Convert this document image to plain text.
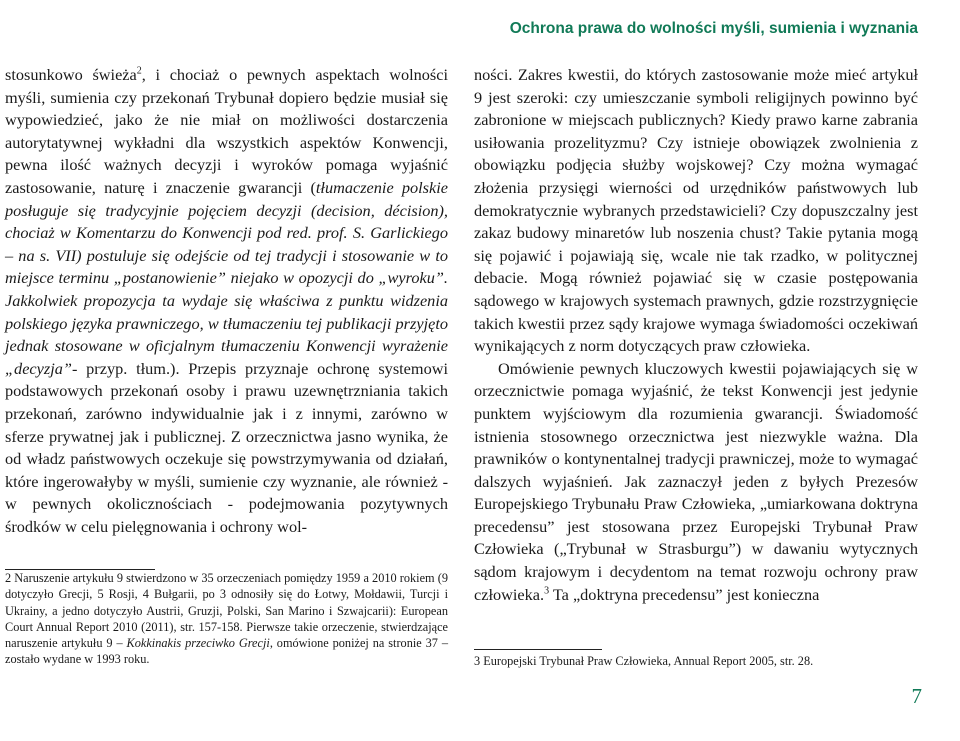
Ochrona prawa do wolności myśli, sumienia i wyznania

stosunkowo świeża$^2$, i chociaż o pewnych aspektach wolności myśli, sumienia czy przekonań Trybunał dopiero będzie musiał się wypowiedzieć, jako że nie miał on możliwości dostarczenia autorytatywnej wykładni dla wszystkich aspektów Konwencji, pewna ilość ważnych decyzji i wyroków pomaga wyjaśnić zastosowanie, naturę i znaczenie gwarancji (tłumaczenie polskie posługuje się tradycyjnie pojęciem decyzji (decision, décision), chociaż w Komentarzu do Konwencji pod red. prof. S. Garlickiego – na s. VII) postuluje się odejście od tej tradycji i stosowanie w to miejsce terminu „postanowienie” niejako w opozycji do „wyroku”. Jakkolwiek propozycja ta wydaje się właściwa z punktu widzenia polskiego języka prawniczego, w tłumaczeniu tej publikacji przyjęto jednak stosowane w oficjalnym tłumaczeniu Konwencji wyrażenie „decyzja”- przyp. tłum.). Przepis przyznaje ochronę systemowi podstawowych przekonań osoby i prawu uzewnętrzniania takich przekonań, zarówno indywidualnie jak i z innymi, zarówno w sferze prywatnej jak i publicznej. Z orzecznictwa jasno wynika, że od władz państwowych oczekuje się powstrzymywania od działań, które ingerowałyby w myśli, sumienie czy wyznanie, ale również - w pewnych okolicznościach - podejmowania pozytywnych środków w celu pielęgnowania i ochrony wol-

2 Naruszenie artykułu 9 stwierdzono w 35 orzeczeniach pomiędzy 1959 a 2010 rokiem (9 dotyczyło Grecji, 5 Rosji, 4 Bułgarii, po 3 odnosiły się do Łotwy, Mołdawii, Turcji i Ukrainy, a jedno dotyczyło Austrii, Gruzji, Polski, San Marino i Szwajcarii): European Court Annual Report 2010 (2011), str. 157-158. Pierwsze takie orzeczenie, stwierdzające naruszenie artykułu 9 – Kokkinakis przeciwko Grecji, omówione poniżej na stronie 37 – zostało wydane w 1993 roku.

ności. Zakres kwestii, do których zastosowanie może mieć artykuł 9 jest szeroki: czy umieszczanie symboli religijnych powinno być zabronione w miejscach publicznych? Kiedy prawo karne zabrania usiłowania prozelityzmu? Czy istnieje obowiązek zwolnienia z obowiązku podjęcia służby wojskowej? Czy można wymagać złożenia przysięgi wierności od urzędników państwowych lub demokratycznie wybranych przedstawicieli? Czy dopuszczalny jest zakaz budowy minaretów lub noszenia chust? Takie pytania mogą się pojawić i pojawiają się, wcale nie tak rzadko, w politycznej debacie. Mogą również pojawiać się w czasie postępowania sądowego w krajowych systemach prawnych, gdzie rozstrzygnięcie takich kwestii przez sądy krajowe wymaga świadomości oczekiwań wynikających z norm dotyczących praw człowieka.

Omówienie pewnych kluczowych kwestii pojawiających się w orzecznictwie pomaga wyjaśnić, że tekst Konwencji jest jedynie punktem wyjściowym dla rozumienia gwarancji. Świadomość istnienia stosownego orzecznictwa jest niezwykle ważna. Dla prawników o kontynentalnej tradycji prawniczej, może to wymagać dalszych wyjaśnień. Jak zaznaczył jeden z byłych Prezesów Europejskiego Trybunału Praw Człowieka, „umiarkowana doktryna precedensu” jest stosowana przez Europejski Trybunał Praw Człowieka („Trybunał w Strasburgu”) w dawaniu wytycznych sądom krajowym i decydentom na temat rozwoju ochrony praw człowieka.$^3$ Ta „doktryna precedensu” jest konieczna

3 Europejski Trybunał Praw Człowieka, Annual Report 2005, str. 28.
7
